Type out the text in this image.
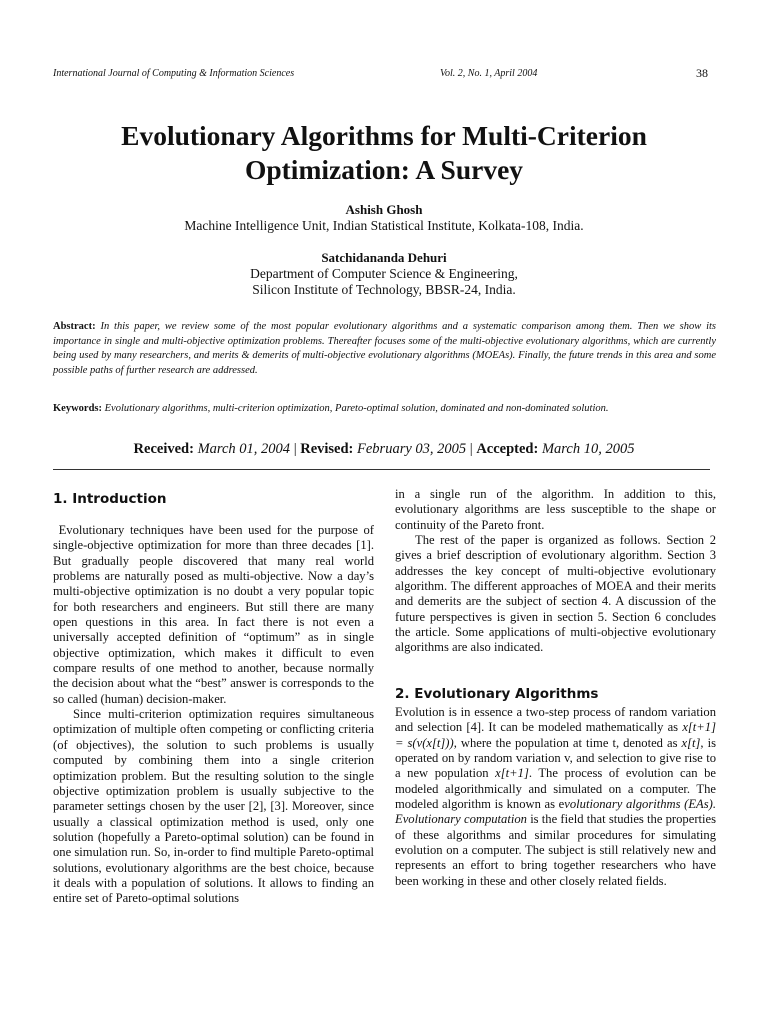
International Journal of Computing & Information Sciences	Vol. 2, No. 1, April 2004	38
Evolutionary Algorithms for Multi-Criterion Optimization: A Survey
Ashish Ghosh
Machine Intelligence Unit, Indian Statistical Institute, Kolkata-108, India.
Satchidananda Dehuri
Department of Computer Science & Engineering,
Silicon Institute of Technology, BBSR-24, India.
Abstract: In this paper, we review some of the most popular evolutionary algorithms and a systematic comparison among them. Then we show its importance in single and multi-objective optimization problems. Thereafter focuses some of the multi-objective evolutionary algorithms, which are currently being used by many researchers, and merits & demerits of multi-objective evolutionary algorithms (MOEAs). Finally, the future trends in this area and some possible paths of further research are addressed.
Keywords: Evolutionary algorithms, multi-criterion optimization, Pareto-optimal solution, dominated and non-dominated solution.
Received: March 01, 2004 | Revised: February 03, 2005 | Accepted: March 10, 2005
1. Introduction

Evolutionary techniques have been used for the purpose of single-objective optimization for more than three decades [1]. But gradually people discovered that many real world problems are naturally posed as multi-objective. Now a day’s multi-objective optimization is no doubt a very popular topic for both researchers and engineers. But still there are many open questions in this area. In fact there is not even a universally accepted definition of “optimum” as in single objective optimization, which makes it difficult to even compare results of one method to another, because normally the decision about what the “best” answer is corresponds to the so called (human) decision-maker.

Since multi-criterion optimization requires simultaneous optimization of multiple often competing or conflicting criteria (of objectives), the solution to such problems is usually computed by combining them into a single criterion optimization problem. But the resulting solution to the single objective optimization problem is usually subjective to the parameter settings chosen by the user [2], [3]. Moreover, since usually a classical optimization method is used, only one solution (hopefully a Pareto-optimal solution) can be found in one simulation run. So, in-order to find multiple Pareto-optimal solutions, evolutionary algorithms are the best choice, because it deals with a population of solutions. It allows to finding an entire set of Pareto-optimal solutions

in a single run of the algorithm. In addition to this, evolutionary algorithms are less susceptible to the shape or continuity of the Pareto front.

The rest of the paper is organized as follows. Section 2 gives a brief description of evolutionary algorithm. Section 3 addresses the key concept of multi-objective evolutionary algorithm. The different approaches of MOEA and their merits and demerits are the subject of section 4. A discussion of the future perspectives is given in section 5. Section 6 concludes the article. Some applications of multi-objective evolutionary algorithms are also indicated.

2. Evolutionary Algorithms

Evolution is in essence a two-step process of random variation and selection [4]. It can be modeled mathematically as x[t+1] = s(v(x[t])), where the population at time t, denoted as x[t], is operated on by random variation v, and selection to give rise to a new population x[t+1]. The process of evolution can be modeled algorithmically and simulated on a computer. The modeled algorithm is known as evolutionary algorithms (EAs). Evolutionary computation is the field that studies the properties of these algorithms and similar procedures for simulating evolution on a computer. The subject is still relatively new and represents an effort to bring together researchers who have been working in these and other closely related fields.
